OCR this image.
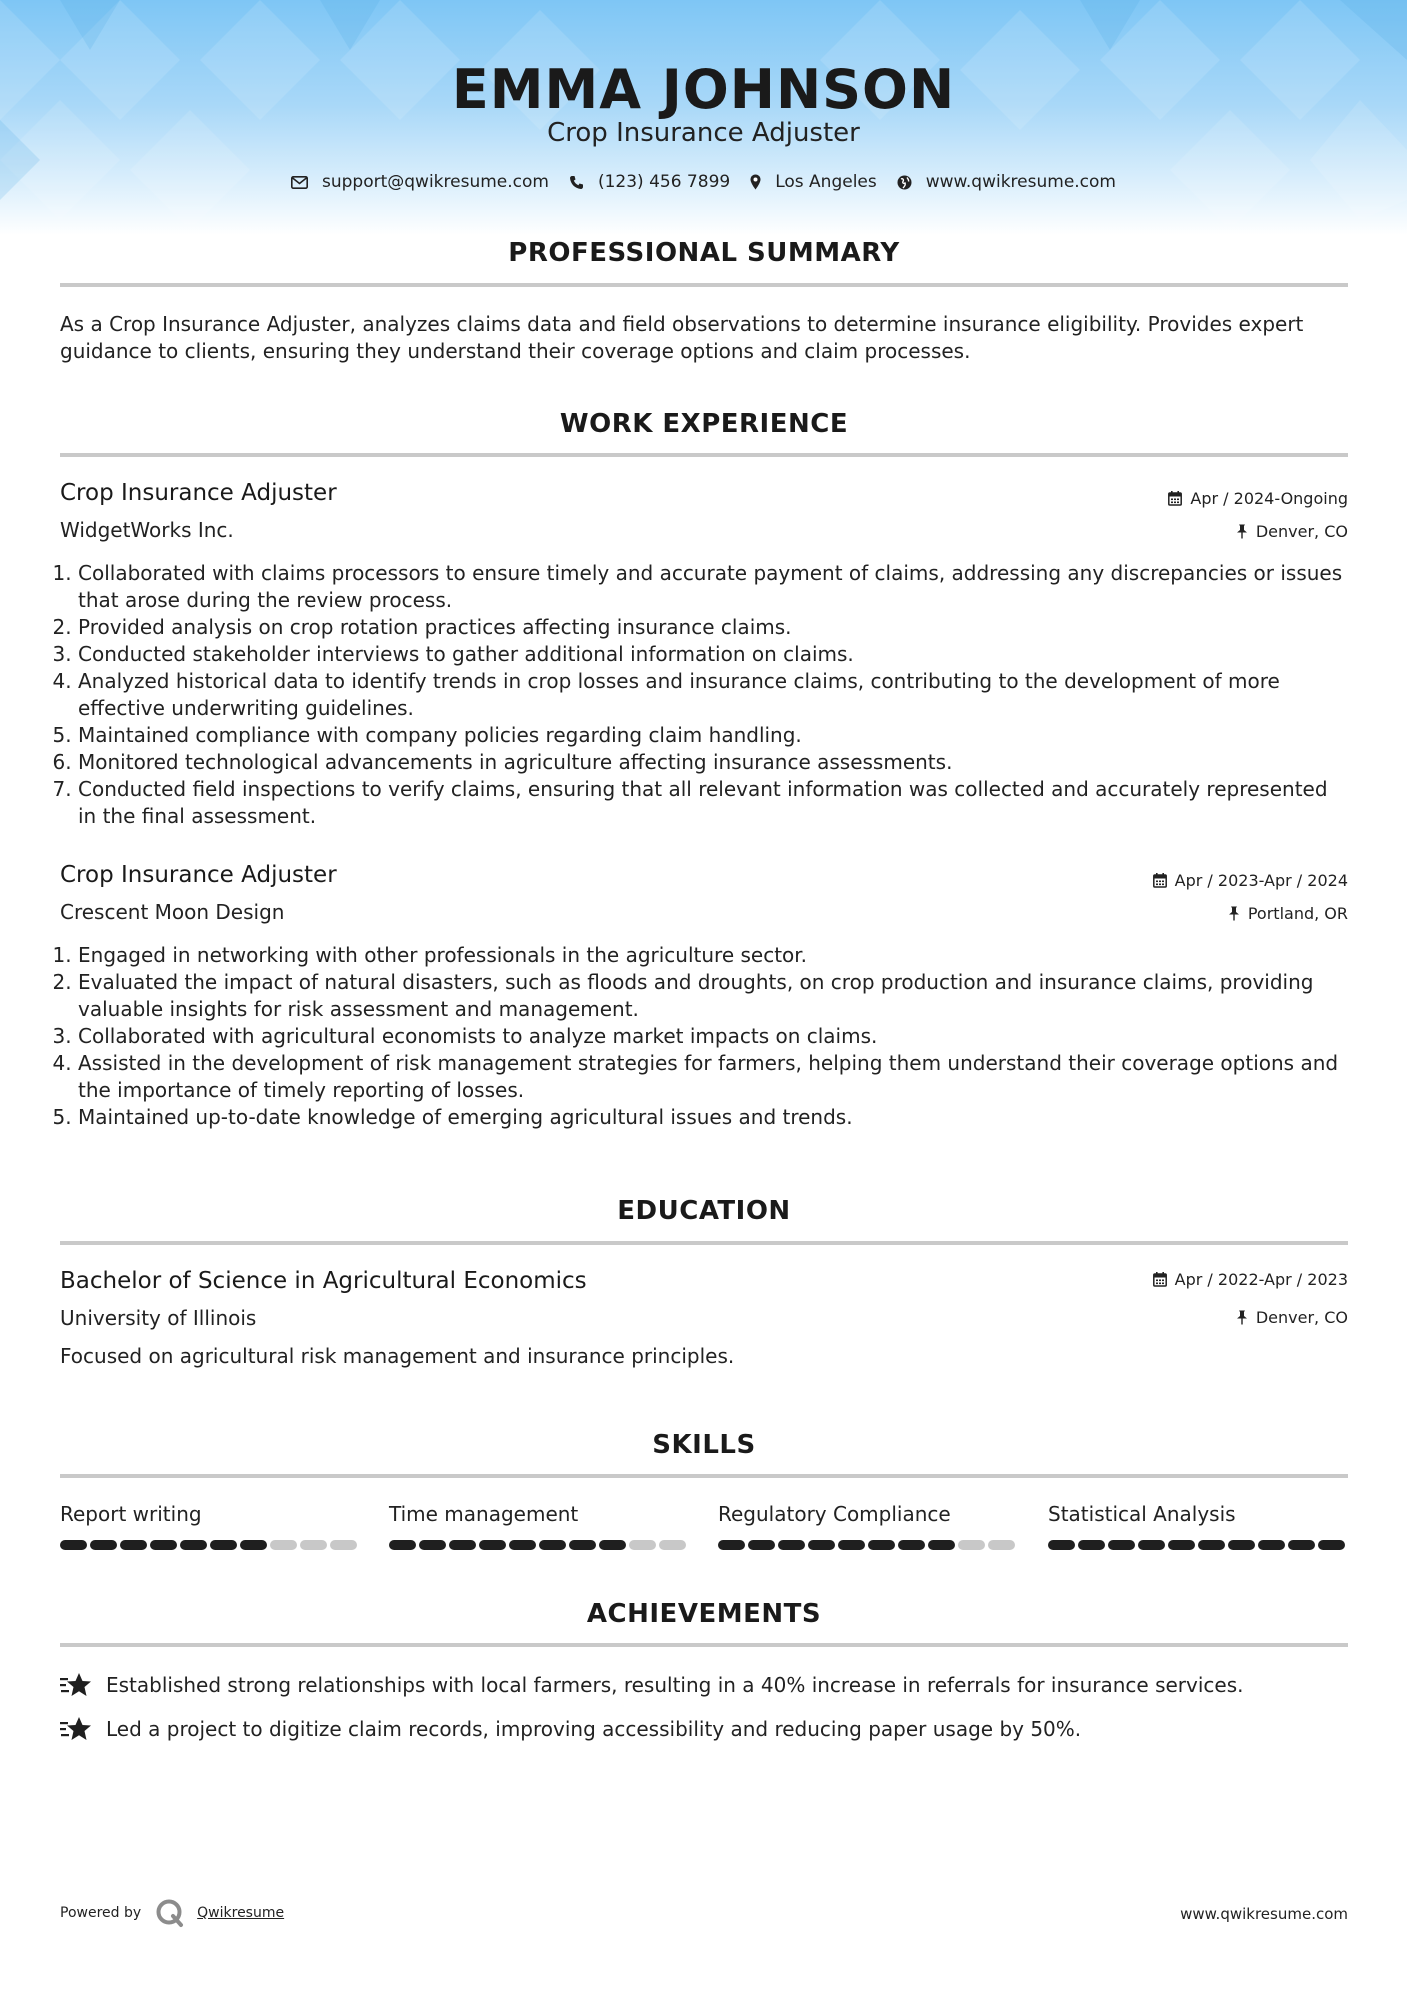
EMMA JOHNSON
Crop Insurance Adjuster
support@qwikresume.com	(123) 456 7899	Los Angeles	www.qwikresume.com
PROFESSIONAL SUMMARY
As a Crop Insurance Adjuster, analyzes claims data and field observations to determine insurance eligibility. Provides expert guidance to clients, ensuring they understand their coverage options and claim processes.
WORK EXPERIENCE
Crop Insurance Adjuster	Apr / 2024-Ongoing
WidgetWorks Inc.	Denver, CO
1. Collaborated with claims processors to ensure timely and accurate payment of claims, addressing any discrepancies or issues that arose during the review process.
2. Provided analysis on crop rotation practices affecting insurance claims.
3. Conducted stakeholder interviews to gather additional information on claims.
4. Analyzed historical data to identify trends in crop losses and insurance claims, contributing to the development of more effective underwriting guidelines.
5. Maintained compliance with company policies regarding claim handling.
6. Monitored technological advancements in agriculture affecting insurance assessments.
7. Conducted field inspections to verify claims, ensuring that all relevant information was collected and accurately represented in the final assessment.
Crop Insurance Adjuster	Apr / 2023-Apr / 2024
Crescent Moon Design	Portland, OR
1. Engaged in networking with other professionals in the agriculture sector.
2. Evaluated the impact of natural disasters, such as floods and droughts, on crop production and insurance claims, providing valuable insights for risk assessment and management.
3. Collaborated with agricultural economists to analyze market impacts on claims.
4. Assisted in the development of risk management strategies for farmers, helping them understand their coverage options and the importance of timely reporting of losses.
5. Maintained up-to-date knowledge of emerging agricultural issues and trends.
EDUCATION
Bachelor of Science in Agricultural Economics	Apr / 2022-Apr / 2023
University of Illinois	Denver, CO
Focused on agricultural risk management and insurance principles.
SKILLS
Report writing	Time management	Regulatory Compliance	Statistical Analysis
ACHIEVEMENTS
Established strong relationships with local farmers, resulting in a 40% increase in referrals for insurance services.
Led a project to digitize claim records, improving accessibility and reducing paper usage by 50%.
Powered by	Qwikresume	www.qwikresume.com
